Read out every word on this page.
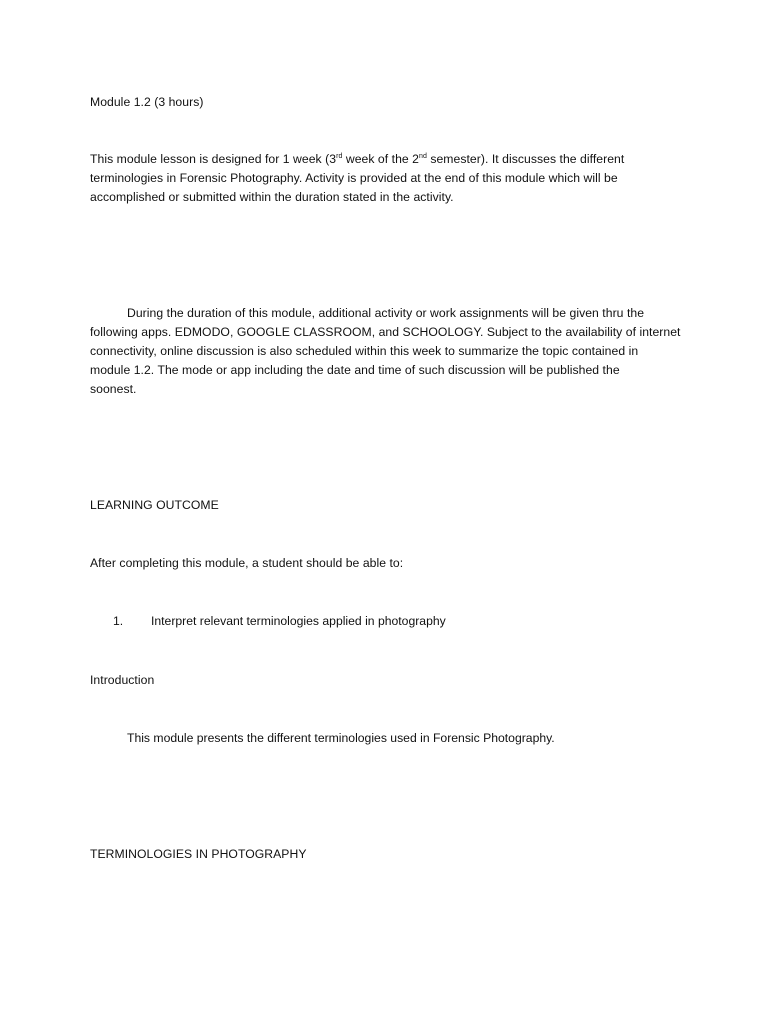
Module 1.2 (3 hours)
This module lesson is designed for 1 week (3rd week of the 2nd semester). It discusses the different
terminologies in Forensic Photography. Activity is provided at the end of this module which will be
accomplished or submitted within the duration stated in the activity.
During the duration of this module, additional activity or work assignments will be given thru the
following apps. EDMODO, GOOGLE CLASSROOM, and SCHOOLOGY. Subject to the availability of internet
connectivity, online discussion is also scheduled within this week to summarize the topic contained in
module 1.2. The mode or app including the date and time of such discussion will be published the
soonest.
LEARNING OUTCOME
After completing this module, a student should be able to:
1. Interpret relevant terminologies applied in photography
Introduction
This module presents the different terminologies used in Forensic Photography.
TERMINOLOGIES IN PHOTOGRAPHY
